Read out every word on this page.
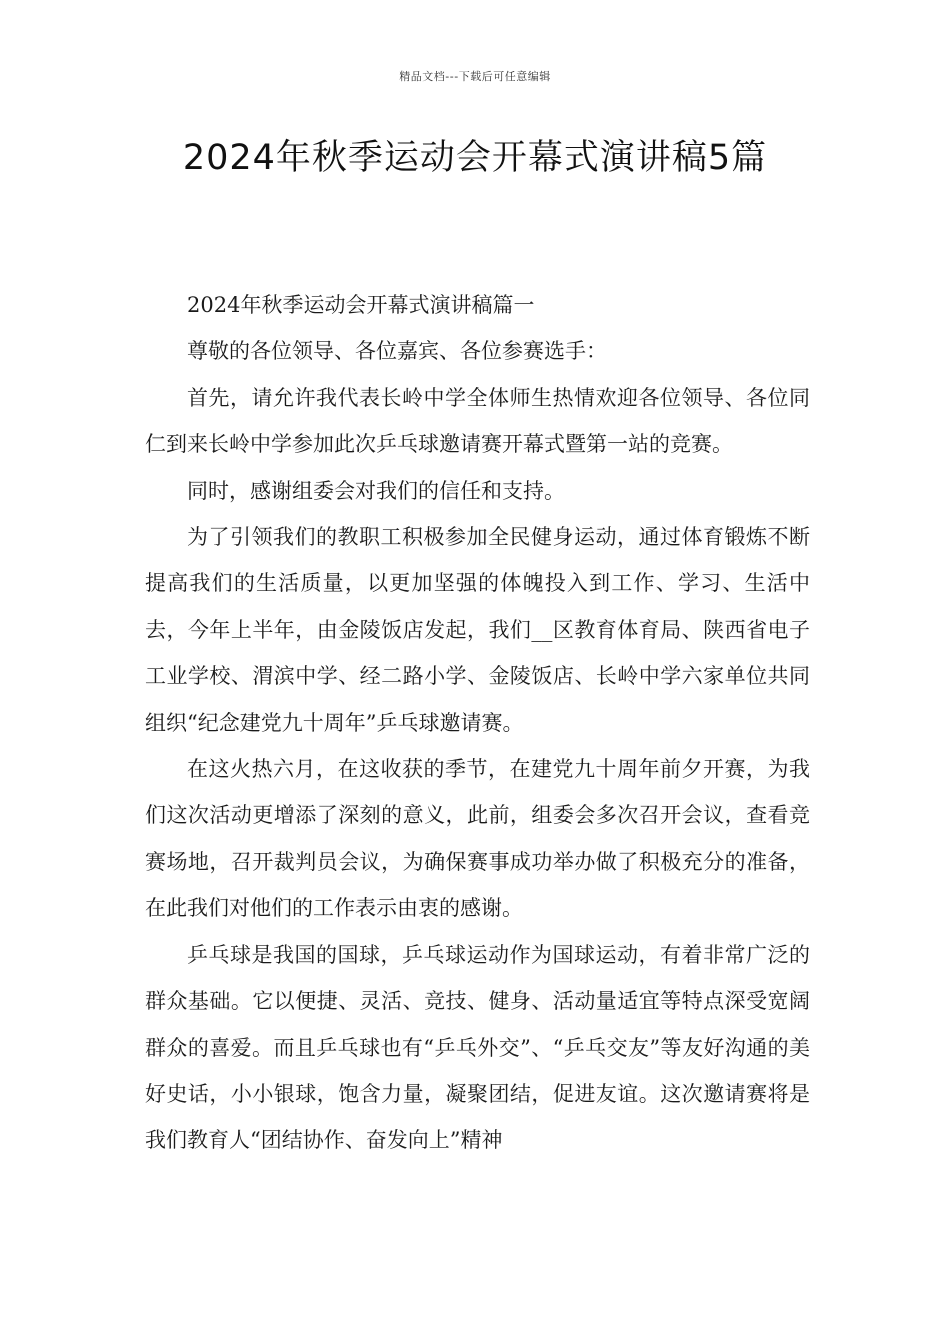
精品文档---下载后可任意编辑
2024年秋季运动会开幕式演讲稿5篇

2024年秋季运动会开幕式演讲稿篇一

尊敬的各位领导、各位嘉宾、各位参赛选手：

首先，请允许我代表长岭中学全体师生热情欢迎各位领导、各位同仁到来长岭中学参加此次乒乓球邀请赛开幕式暨第一站的竞赛。

同时，感谢组委会对我们的信任和支持。

为了引领我们的教职工积极参加全民健身运动，通过体育锻炼不断提高我们的生活质量，以更加坚强的体魄投入到工作、学习、生活中去，今年上半年，由金陵饭店发起，我们__区教育体育局、陕西省电子工业学校、渭滨中学、经二路小学、金陵饭店、长岭中学六家单位共同组织“纪念建党九十周年”乒乓球邀请赛。

在这火热六月，在这收获的季节，在建党九十周年前夕开赛，为我们这次活动更增添了深刻的意义，此前，组委会多次召开会议，查看竞赛场地，召开裁判员会议，为确保赛事成功举办做了积极充分的准备，在此我们对他们的工作表示由衷的感谢。

乒乓球是我国的国球，乒乓球运动作为国球运动，有着非常广泛的群众基础。它以便捷、灵活、竞技、健身、活动量适宜等特点深受宽阔群众的喜爱。而且乒乓球也有“乒乓外交”、“乒乓交友”等友好沟通的美好史话，小小银球，饱含力量，凝聚团结，促进友谊。这次邀请赛将是我们教育人“团结协作、奋发向上”精神
